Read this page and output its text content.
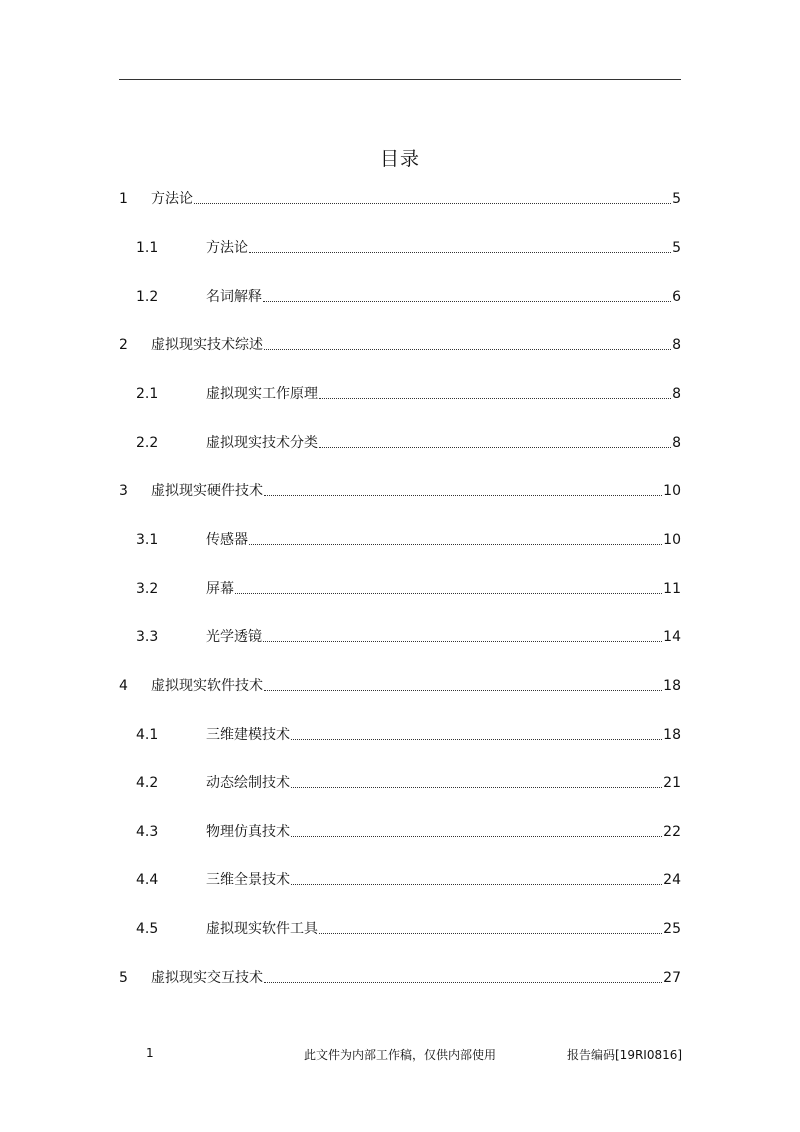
目录
1	方法论	5
1.1	方法论	5
1.2	名词解释	6
2	虚拟现实技术综述	8
2.1	虚拟现实工作原理	8
2.2	虚拟现实技术分类	8
3	虚拟现实硬件技术	10
3.1	传感器	10
3.2	屏幕	11
3.3	光学透镜	14
4	虚拟现实软件技术	18
4.1	三维建模技术	18
4.2	动态绘制技术	21
4.3	物理仿真技术	22
4.4	三维全景技术	24
4.5	虚拟现实软件工具	25
5	虚拟现实交互技术	27
1	此文件为内部工作稿，仅供内部使用	报告编码[19RI0816]
